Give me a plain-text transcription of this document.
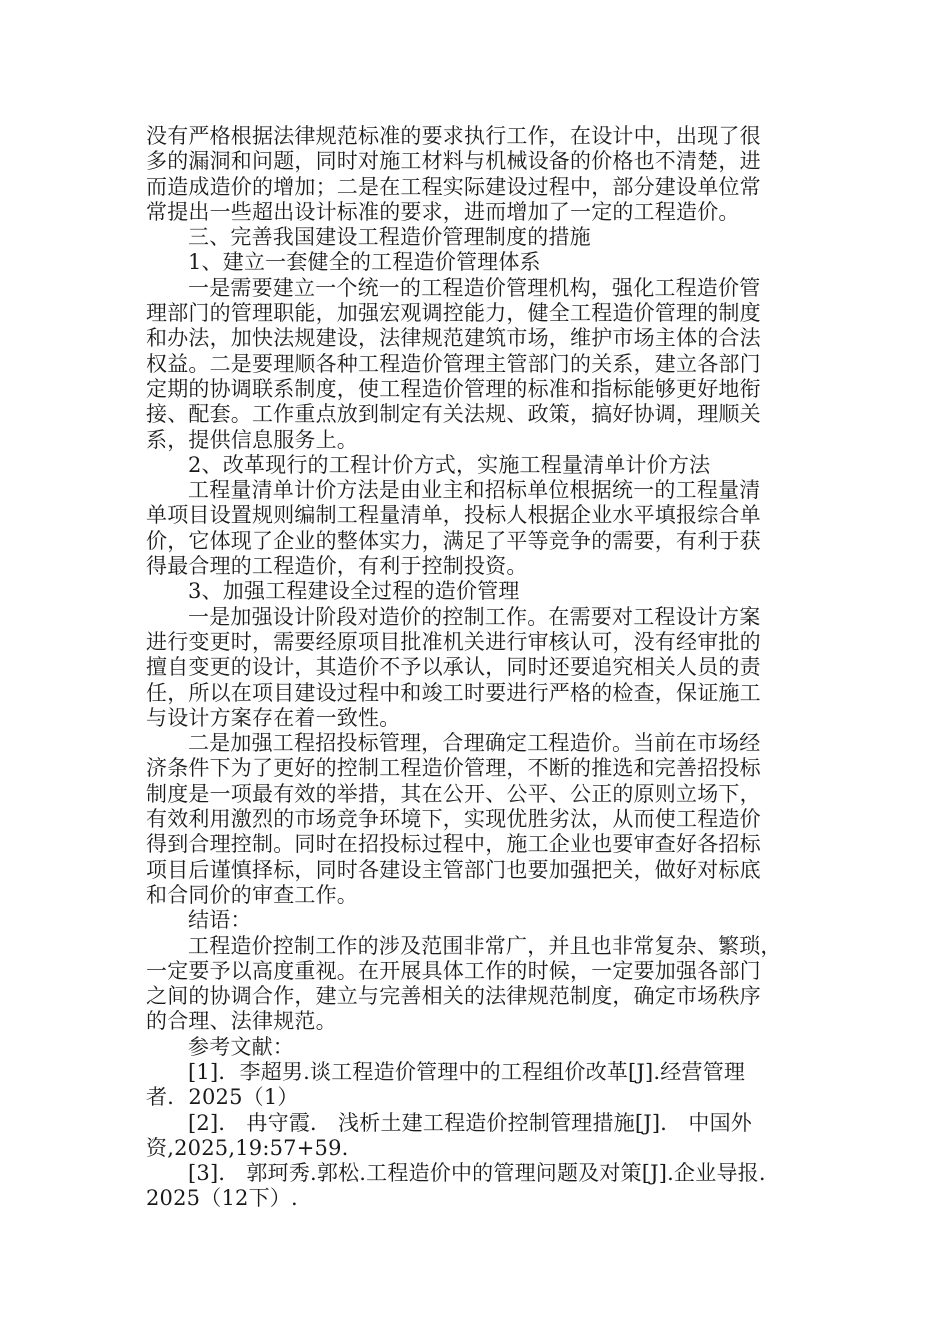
没有严格根据法律规范标准的要求执行工作，在设计中，出现了很
多的漏洞和问题，同时对施工材料与机械设备的价格也不清楚，进
而造成造价的增加；二是在工程实际建设过程中，部分建设单位常
常提出一些超出设计标准的要求，进而增加了一定的工程造价。
三、完善我国建设工程造价管理制度的措施
1、建立一套健全的工程造价管理体系
一是需要建立一个统一的工程造价管理机构，强化工程造价管
理部门的管理职能，加强宏观调控能力，健全工程造价管理的制度
和办法，加快法规建设，法律规范建筑市场，维护市场主体的合法
权益。二是要理顺各种工程造价管理主管部门的关系，建立各部门
定期的协调联系制度，使工程造价管理的标准和指标能够更好地衔
接、配套。工作重点放到制定有关法规、政策，搞好协调，理顺关
系，提供信息服务上。
2、改革现行的工程计价方式，实施工程量清单计价方法
工程量清单计价方法是由业主和招标单位根据统一的工程量清
单项目设置规则编制工程量清单，投标人根据企业水平填报综合单
价，它体现了企业的整体实力，满足了平等竞争的需要，有利于获
得最合理的工程造价，有利于控制投资。
3、加强工程建设全过程的造价管理
一是加强设计阶段对造价的控制工作。在需要对工程设计方案
进行变更时，需要经原项目批准机关进行审核认可，没有经审批的
擅自变更的设计，其造价不予以承认，同时还要追究相关人员的责
任，所以在项目建设过程中和竣工时要进行严格的检查，保证施工
与设计方案存在着一致性。
二是加强工程招投标管理，合理确定工程造价。当前在市场经
济条件下为了更好的控制工程造价管理，不断的推选和完善招投标
制度是一项最有效的举措，其在公开、公平、公正的原则立场下，
有效利用激烈的市场竞争环境下，实现优胜劣汰，从而使工程造价
得到合理控制。同时在招投标过程中，施工企业也要审查好各招标
项目后谨慎择标，同时各建设主管部门也要加强把关，做好对标底
和合同价的审查工作。
结语：
工程造价控制工作的涉及范围非常广，并且也非常复杂、繁琐，
一定要予以高度重视。在开展具体工作的时候，一定要加强各部门
之间的协调合作，建立与完善相关的法律规范制度，确定市场秩序
的合理、法律规范。
参考文献：
[1]．李超男.谈工程造价管理中的工程组价改革[J].经营管理
者．2025（1）
[2]． 冉守霞． 浅析土建工程造价控制管理措施[J]． 中国外
资,2025,19:57+59.
[3]． 郭珂秀.郭松.工程造价中的管理问题及对策[J].企业导报.
2025（12下）.
